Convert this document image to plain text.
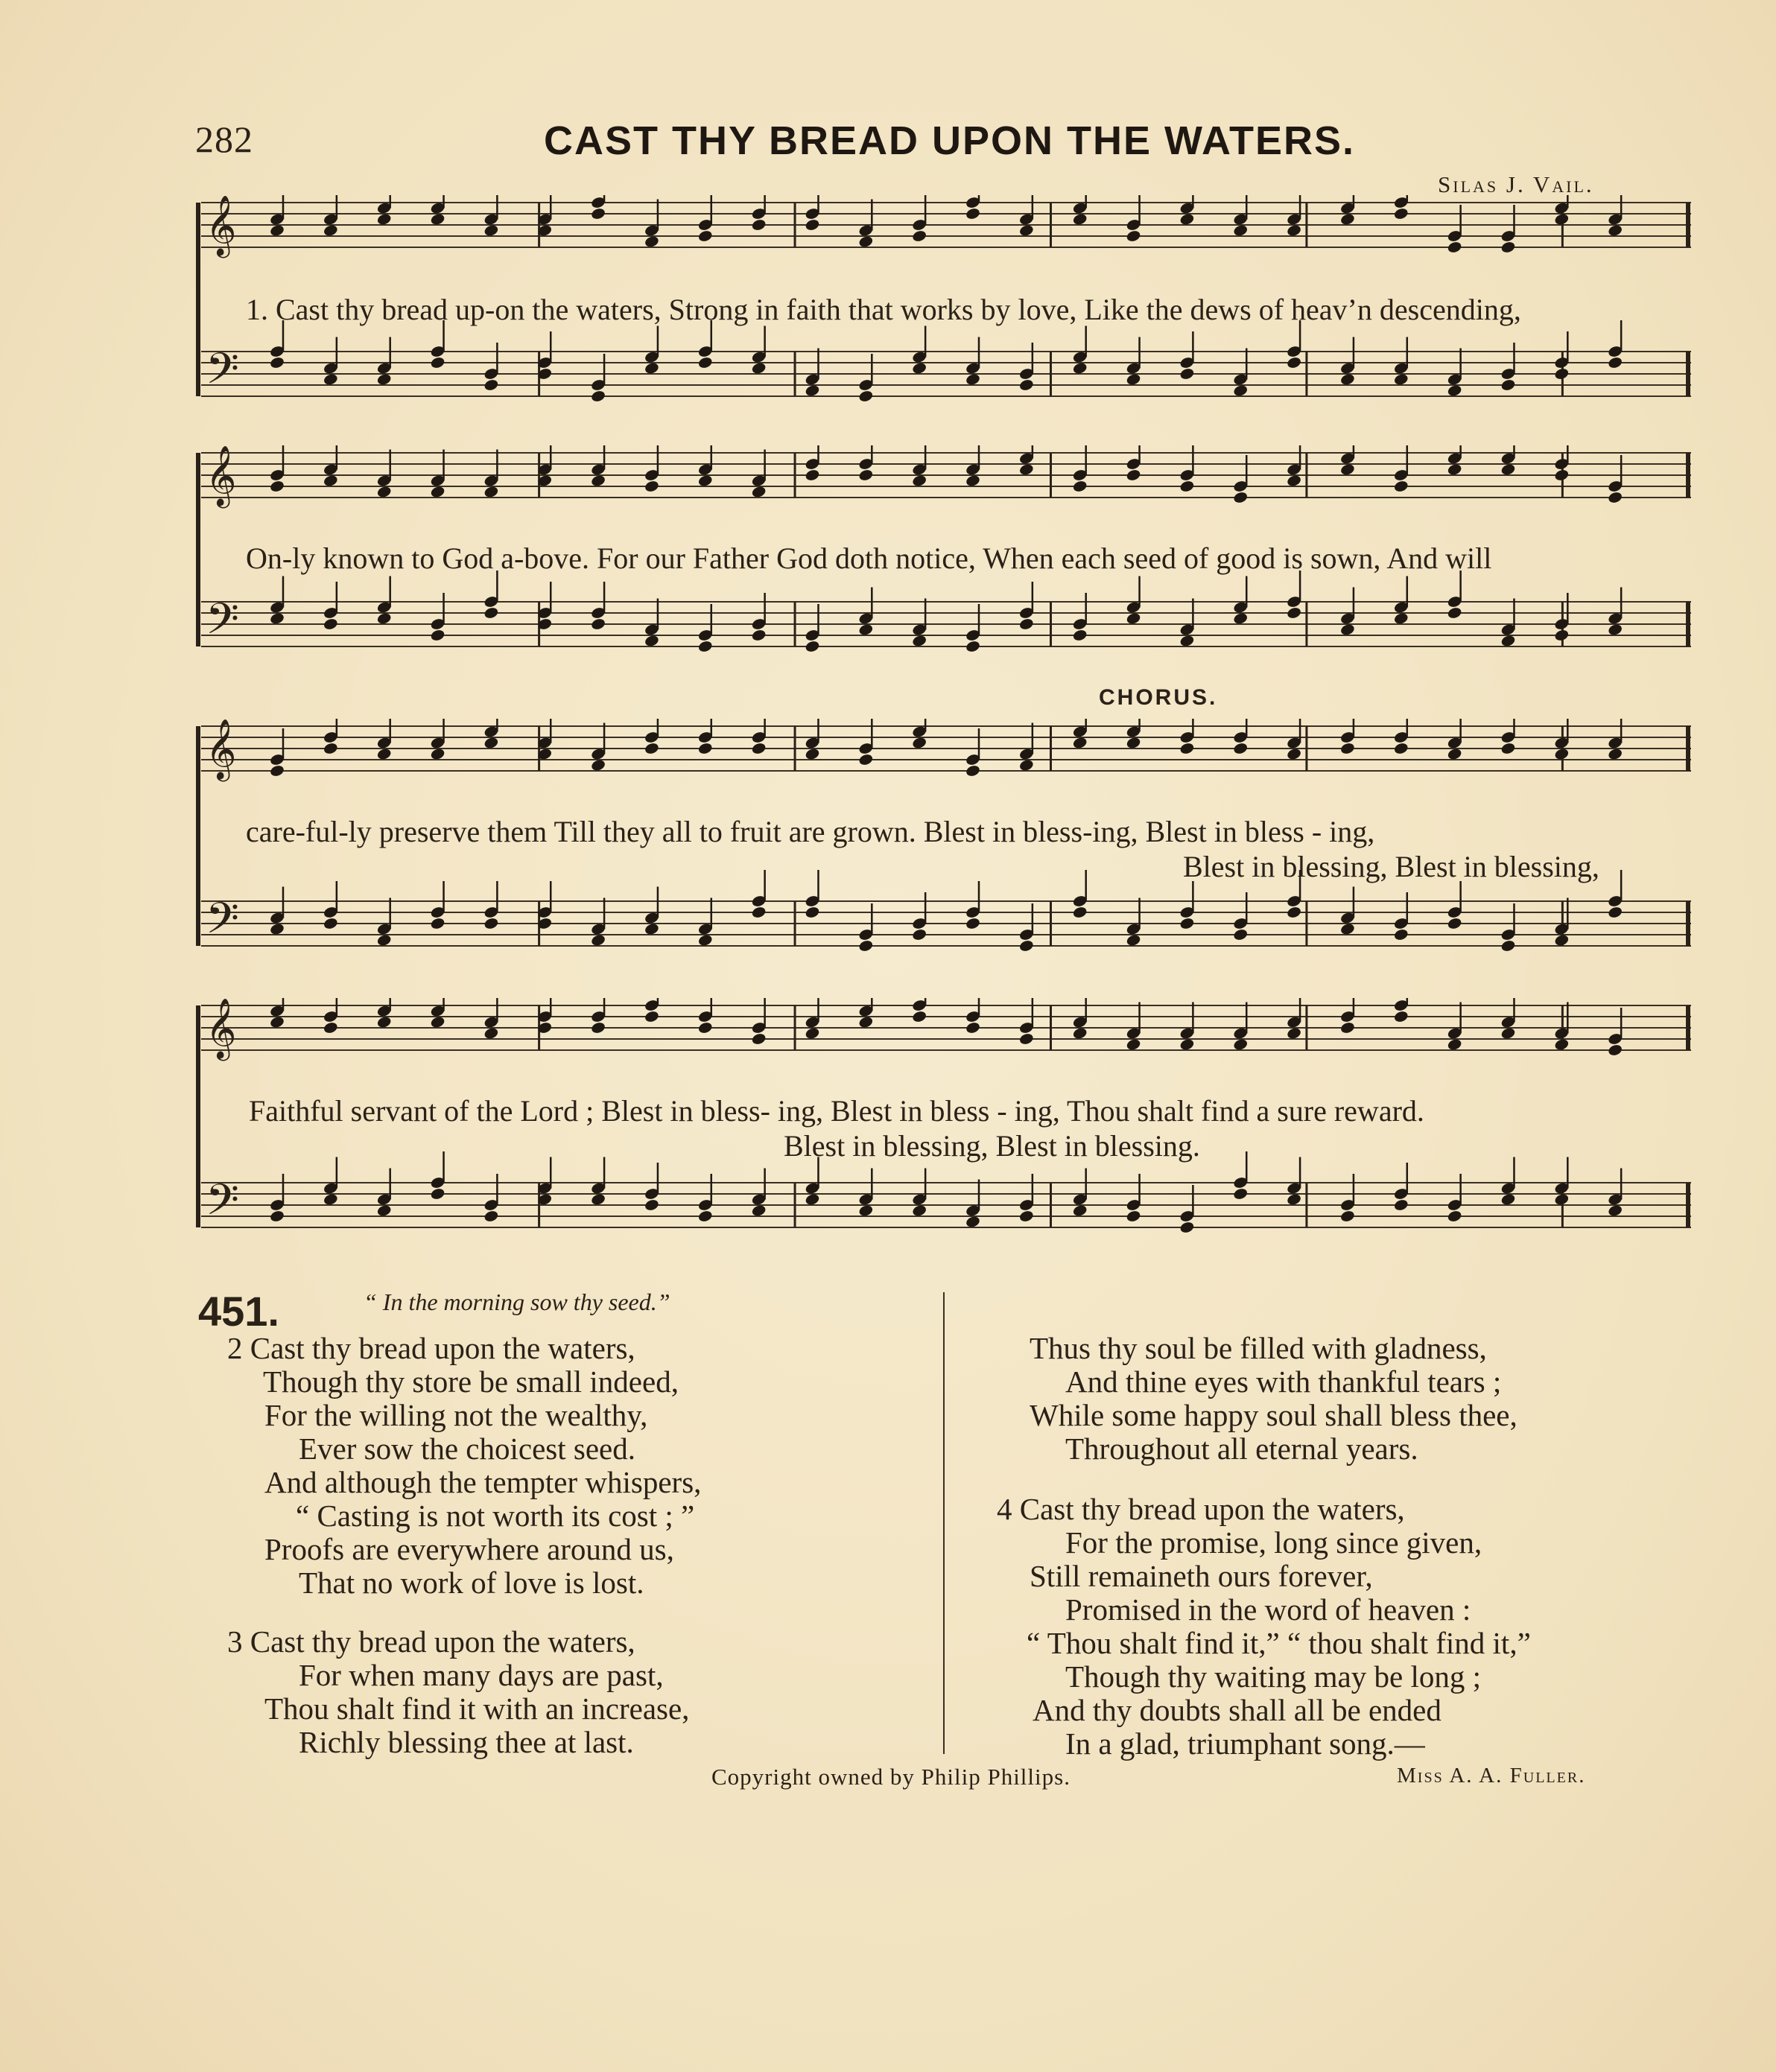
282	CAST THY BREAD UPON THE WATERS.
Silas J. Vail.
𝄞
𝄢
1. Cast thy bread up-on the waters, Strong in faith that works by love, Like the dews of heav’n descending,
𝄞
𝄢
On-ly known to God a-bove. For our Father God doth notice, When each seed of good is sown, And will
CHORUS.
𝄞
𝄢
care-ful-ly preserve them Till they all to fruit are grown. Blest in bless-ing, Blest in bless - ing,
Blest in blessing, Blest in blessing,
𝄞
𝄢
Faithful servant of the Lord ; Blest in bless- ing, Blest in bless - ing, Thou shalt find a sure reward.
Blest in blessing, Blest in blessing.
451.	“ In the morning sow thy seed.”
2 Cast thy bread upon the waters,
Though thy store be small indeed,
For the willing not the wealthy,
Ever sow the choicest seed.
And although the tempter whispers,
“ Casting is not worth its cost ; ”
Proofs are everywhere around us,
That no work of love is lost.
3 Cast thy bread upon the waters,
For when many days are past,
Thou shalt find it with an increase,
Richly blessing thee at last.
Thus thy soul be filled with gladness,
And thine eyes with thankful tears ;
While some happy soul shall bless thee,
Throughout all eternal years.
4 Cast thy bread upon the waters,
For the promise, long since given,
Still remaineth ours forever,
Promised in the word of heaven :
“ Thou shalt find it,” “ thou shalt find it,”
Though thy waiting may be long ;
And thy doubts shall all be ended
In a glad, triumphant song.—
Copyright owned by Philip Phillips.	Miss A. A. Fuller.
